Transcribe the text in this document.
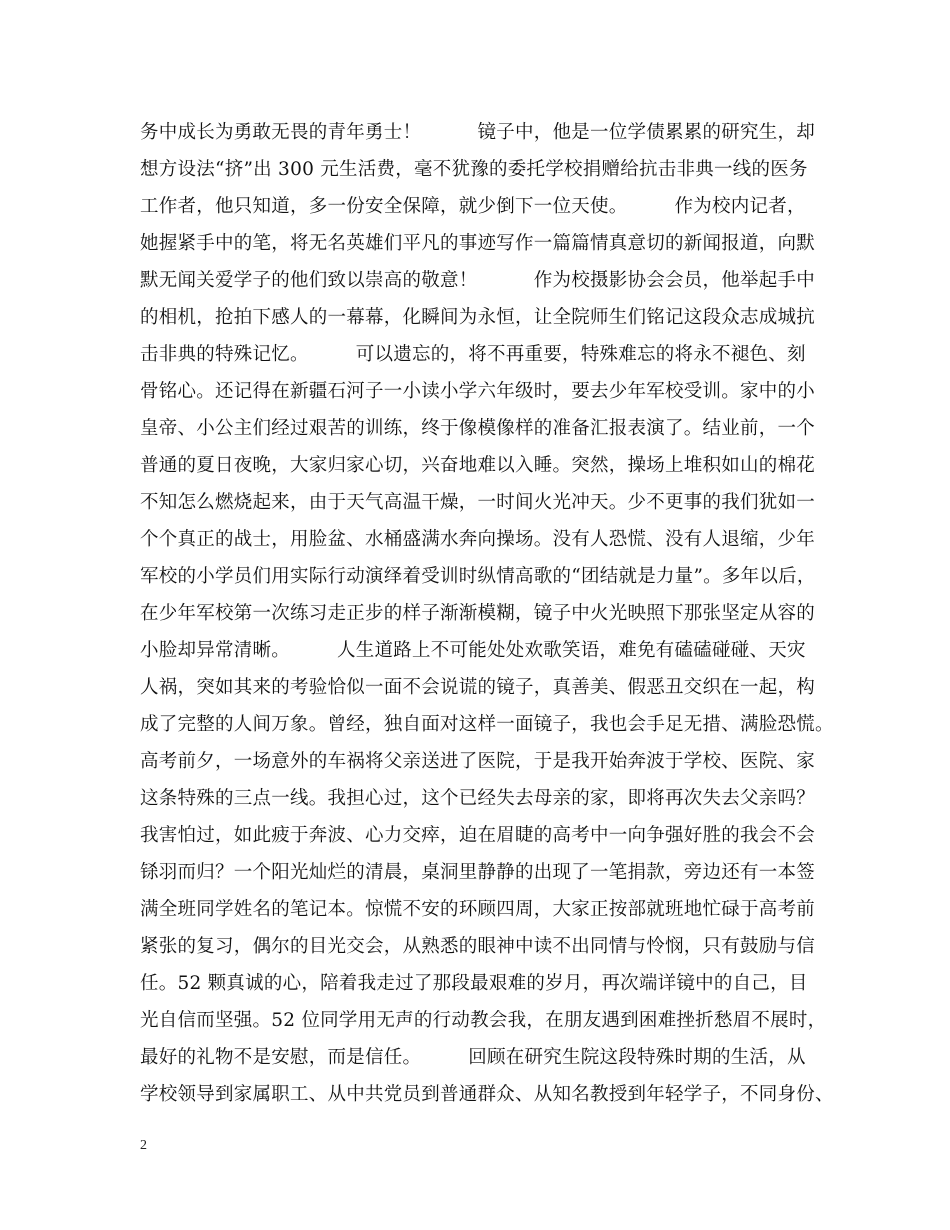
务中成长为勇敢无畏的青年勇士！　　　镜子中，他是一位学债累累的研究生，却
想方设法“挤”出 300 元生活费，毫不犹豫的委托学校捐赠给抗击非典一线的医务
工作者，他只知道，多一份安全保障，就少倒下一位天使。　　　作为校内记者，
她握紧手中的笔，将无名英雄们平凡的事迹写作一篇篇情真意切的新闻报道，向默
默无闻关爱学子的他们致以崇高的敬意！　　　作为校摄影协会会员，他举起手中
的相机，抢拍下感人的一幕幕，化瞬间为永恒，让全院师生们铭记这段众志成城抗
击非典的特殊记忆。　　　可以遗忘的，将不再重要，特殊难忘的将永不褪色、刻
骨铭心。还记得在新疆石河子一小读小学六年级时，要去少年军校受训。家中的小
皇帝、小公主们经过艰苦的训练，终于像模像样的准备汇报表演了。结业前，一个
普通的夏日夜晚，大家归家心切，兴奋地难以入睡。突然，操场上堆积如山的棉花
不知怎么燃烧起来，由于天气高温干燥，一时间火光冲天。少不更事的我们犹如一
个个真正的战士，用脸盆、水桶盛满水奔向操场。没有人恐慌、没有人退缩，少年
军校的小学员们用实际行动演绎着受训时纵情高歌的“团结就是力量”。多年以后，
在少年军校第一次练习走正步的样子渐渐模糊，镜子中火光映照下那张坚定从容的
小脸却异常清晰。　　　人生道路上不可能处处欢歌笑语，难免有磕磕碰碰、天灾
人祸，突如其来的考验恰似一面不会说谎的镜子，真善美、假恶丑交织在一起，构
成了完整的人间万象。曾经，独自面对这样一面镜子，我也会手足无措、满脸恐慌。
高考前夕，一场意外的车祸将父亲送进了医院，于是我开始奔波于学校、医院、家
这条特殊的三点一线。我担心过，这个已经失去母亲的家，即将再次失去父亲吗？
我害怕过，如此疲于奔波、心力交瘁，迫在眉睫的高考中一向争强好胜的我会不会
铩羽而归？一个阳光灿烂的清晨，桌洞里静静的出现了一笔捐款，旁边还有一本签
满全班同学姓名的笔记本。惊慌不安的环顾四周，大家正按部就班地忙碌于高考前
紧张的复习，偶尔的目光交会，从熟悉的眼神中读不出同情与怜悯，只有鼓励与信
任。52 颗真诚的心，陪着我走过了那段最艰难的岁月，再次端详镜中的自己，目
光自信而坚强。52 位同学用无声的行动教会我，在朋友遇到困难挫折愁眉不展时，
最好的礼物不是安慰，而是信任。　　　回顾在研究生院这段特殊时期的生活，从
学校领导到家属职工、从中共党员到普通群众、从知名教授到年轻学子，不同身份、
2
